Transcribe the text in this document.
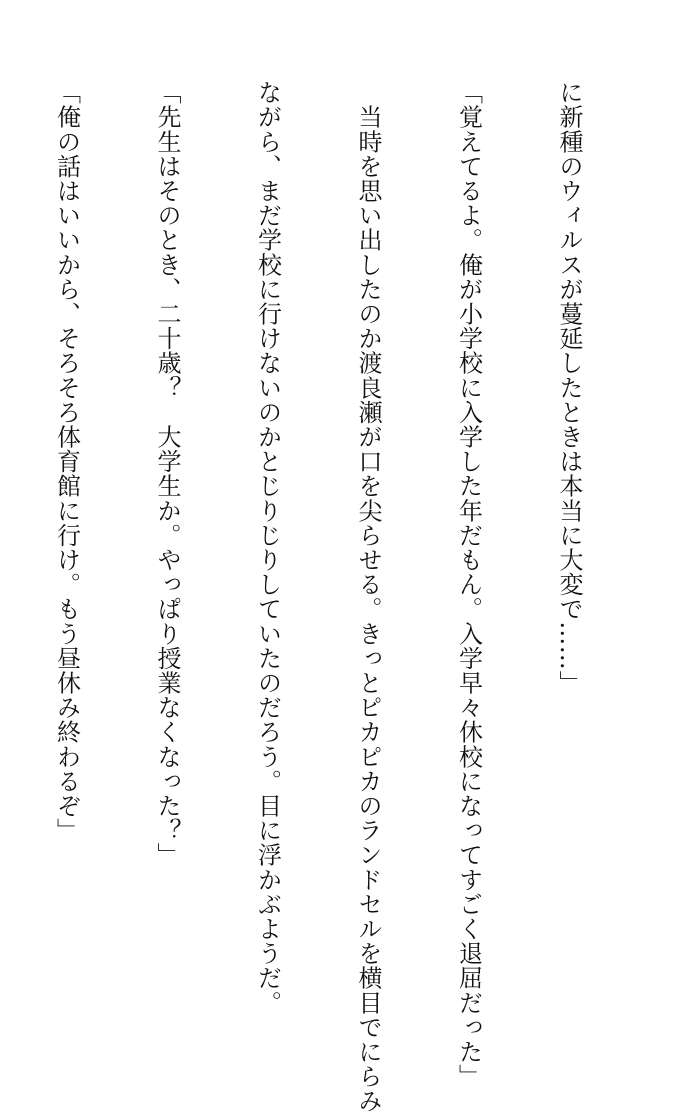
に新種のウィルスが蔓延したときは本当に大変で……」

「覚えてるよ。俺が小学校に入学した年だもん。入学早々休校になってすごく退屈だった」

　当時を思い出したのか渡良瀬が口を尖らせる。きっとピカピカのランドセルを横目でにらみ

ながら、まだ学校に行けないのかとじりじりしていたのだろう。目に浮かぶようだ。

「先生はそのとき、二十歳？　大学生か。やっぱり授業なくなった？」

「俺の話はいいから、そろそろ体育館に行け。もう昼休み終わるぞ」
